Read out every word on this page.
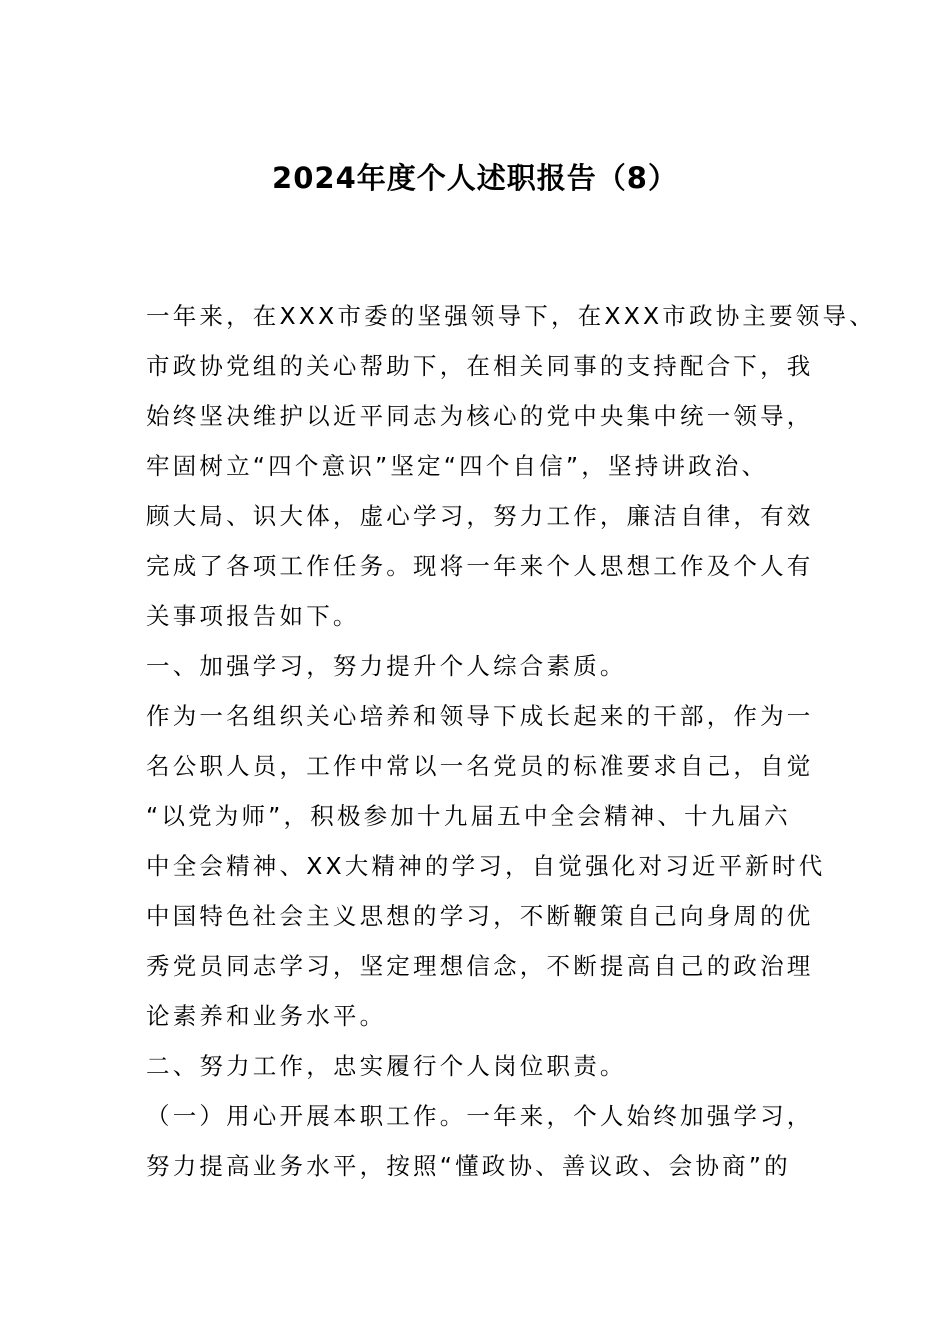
2024年度个人述职报告（8）
一年来，在XXX市委的坚强领导下，在XXX市政协主要领导、
市政协党组的关心帮助下，在相关同事的支持配合下，我
始终坚决维护以近平同志为核心的党中央集中统一领导，
牢固树立“四个意识”坚定“四个自信”，坚持讲政治、
顾大局、识大体，虚心学习，努力工作，廉洁自律，有效
完成了各项工作任务。现将一年来个人思想工作及个人有
关事项报告如下。
一、加强学习，努力提升个人综合素质。
作为一名组织关心培养和领导下成长起来的干部，作为一
名公职人员，工作中常以一名党员的标准要求自己，自觉
“以党为师”，积极参加十九届五中全会精神、十九届六
中全会精神、XX大精神的学习，自觉强化对习近平新时代
中国特色社会主义思想的学习，不断鞭策自己向身周的优
秀党员同志学习，坚定理想信念，不断提高自己的政治理
论素养和业务水平。
二、努力工作，忠实履行个人岗位职责。
（一）用心开展本职工作。一年来，个人始终加强学习，
努力提高业务水平，按照“懂政协、善议政、会协商”的
